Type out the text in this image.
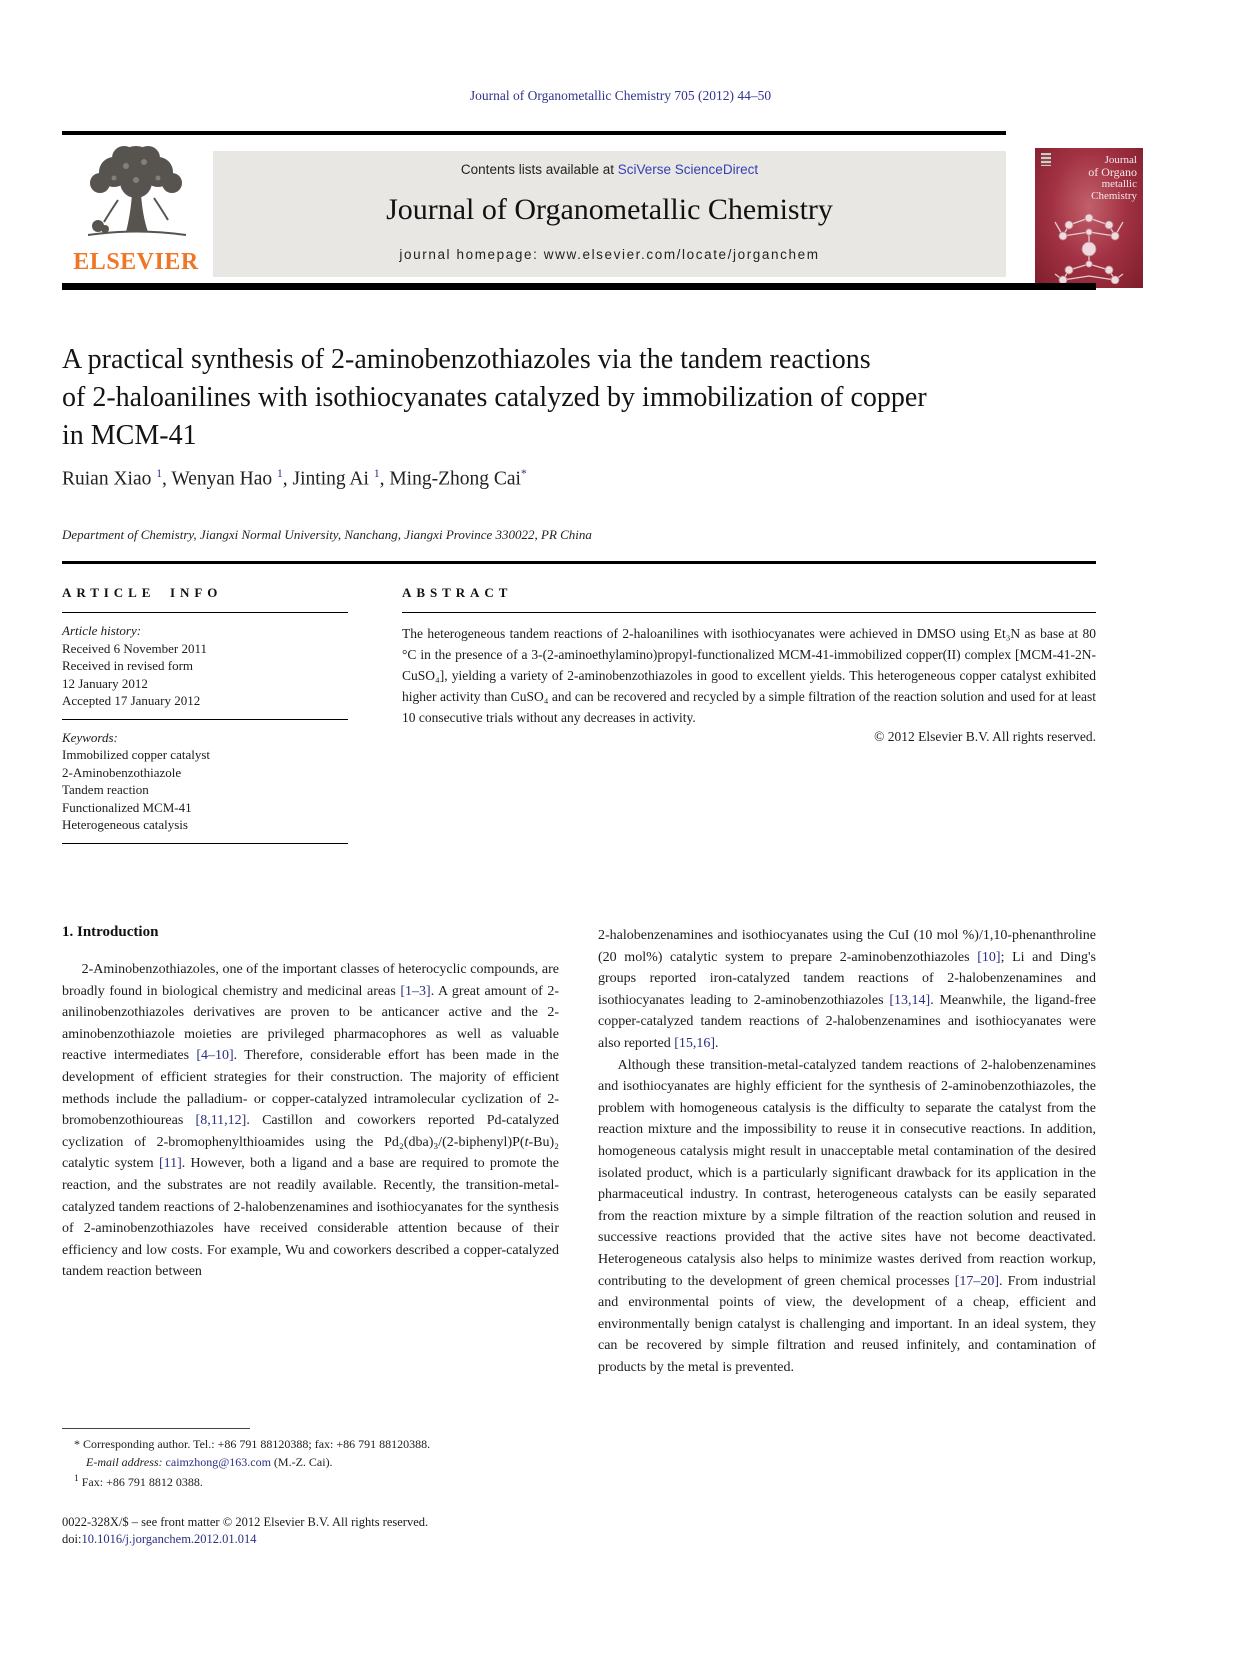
Journal of Organometallic Chemistry 705 (2012) 44–50
Contents lists available at SciVerse ScienceDirect
Journal of Organometallic Chemistry
journal homepage: www.elsevier.com/locate/jorganchem
ELSEVIER
Journal
of Organo
metallic
Chemistry
A practical synthesis of 2-aminobenzothiazoles via the tandem reactions
of 2-haloanilines with isothiocyanates catalyzed by immobilization of copper
in MCM-41
Ruian Xiao $^1$, Wenyan Hao $^1$, Jinting Ai $^1$, Ming-Zhong Cai*
Department of Chemistry, Jiangxi Normal University, Nanchang, Jiangxi Province 330022, PR China
ARTICLE INFO
Article history:
Received 6 November 2011
Received in revised form
12 January 2012
Accepted 17 January 2012
Keywords:
Immobilized copper catalyst
2-Aminobenzothiazole
Tandem reaction
Functionalized MCM-41
Heterogeneous catalysis
ABSTRACT
The heterogeneous tandem reactions of 2-haloanilines with isothiocyanates were achieved in DMSO using Et₃N as base at 80 °C in the presence of a 3-(2-aminoethylamino)propyl-functionalized MCM-41-immobilized copper(II) complex [MCM-41-2N-CuSO₄], yielding a variety of 2-aminobenzothiazoles in good to excellent yields. This heterogeneous copper catalyst exhibited higher activity than CuSO₄ and can be recovered and recycled by a simple filtration of the reaction solution and used for at least 10 consecutive trials without any decreases in activity.
© 2012 Elsevier B.V. All rights reserved.
1. Introduction

2-Aminobenzothiazoles, one of the important classes of heterocyclic compounds, are broadly found in biological chemistry and medicinal areas [1–3]. A great amount of 2-anilinobenzothiazoles derivatives are proven to be anticancer active and the 2-aminobenzothiazole moieties are privileged pharmacophores as well as valuable reactive intermediates [4–10]. Therefore, considerable effort has been made in the development of efficient strategies for their construction. The majority of efficient methods include the palladium- or copper-catalyzed intramolecular cyclization of 2-bromobenzothioureas [8,11,12]. Castillon and coworkers reported Pd-catalyzed cyclization of 2-bromophenylthioamides using the Pd₂(dba)₃/(2-biphenyl)P(t-Bu)₂ catalytic system [11]. However, both a ligand and a base are required to promote the reaction, and the substrates are not readily available. Recently, the transition-metal-catalyzed tandem reactions of 2-halobenzenamines and isothiocyanates for the synthesis of 2-aminobenzothiazoles have received considerable attention because of their efficiency and low costs. For example, Wu and coworkers described a copper-catalyzed tandem reaction between

2-halobenzenamines and isothiocyanates using the CuI (10 mol %)/1,10-phenanthroline (20 mol%) catalytic system to prepare 2-aminobenzothiazoles [10]; Li and Ding's groups reported iron-catalyzed tandem reactions of 2-halobenzenamines and isothiocyanates leading to 2-aminobenzothiazoles [13,14]. Meanwhile, the ligand-free copper-catalyzed tandem reactions of 2-halobenzenamines and isothiocyanates were also reported [15,16].

Although these transition-metal-catalyzed tandem reactions of 2-halobenzenamines and isothiocyanates are highly efficient for the synthesis of 2-aminobenzothiazoles, the problem with homogeneous catalysis is the difficulty to separate the catalyst from the reaction mixture and the impossibility to reuse it in consecutive reactions. In addition, homogeneous catalysis might result in unacceptable metal contamination of the desired isolated product, which is a particularly significant drawback for its application in the pharmaceutical industry. In contrast, heterogeneous catalysts can be easily separated from the reaction mixture by a simple filtration of the reaction solution and reused in successive reactions provided that the active sites have not become deactivated. Heterogeneous catalysis also helps to minimize wastes derived from reaction workup, contributing to the development of green chemical processes [17–20]. From industrial and environmental points of view, the development of a cheap, efficient and environmentally benign catalyst is challenging and important. In an ideal system, they can be recovered by simple filtration and reused infinitely, and contamination of products by the metal is prevented.

* Corresponding author. Tel.: +86 791 88120388; fax: +86 791 88120388.
E-mail address: caimzhong@163.com (M.-Z. Cai).
$^1$ Fax: +86 791 8812 0388.
0022-328X/$ – see front matter © 2012 Elsevier B.V. All rights reserved.
doi:10.1016/j.jorganchem.2012.01.014
